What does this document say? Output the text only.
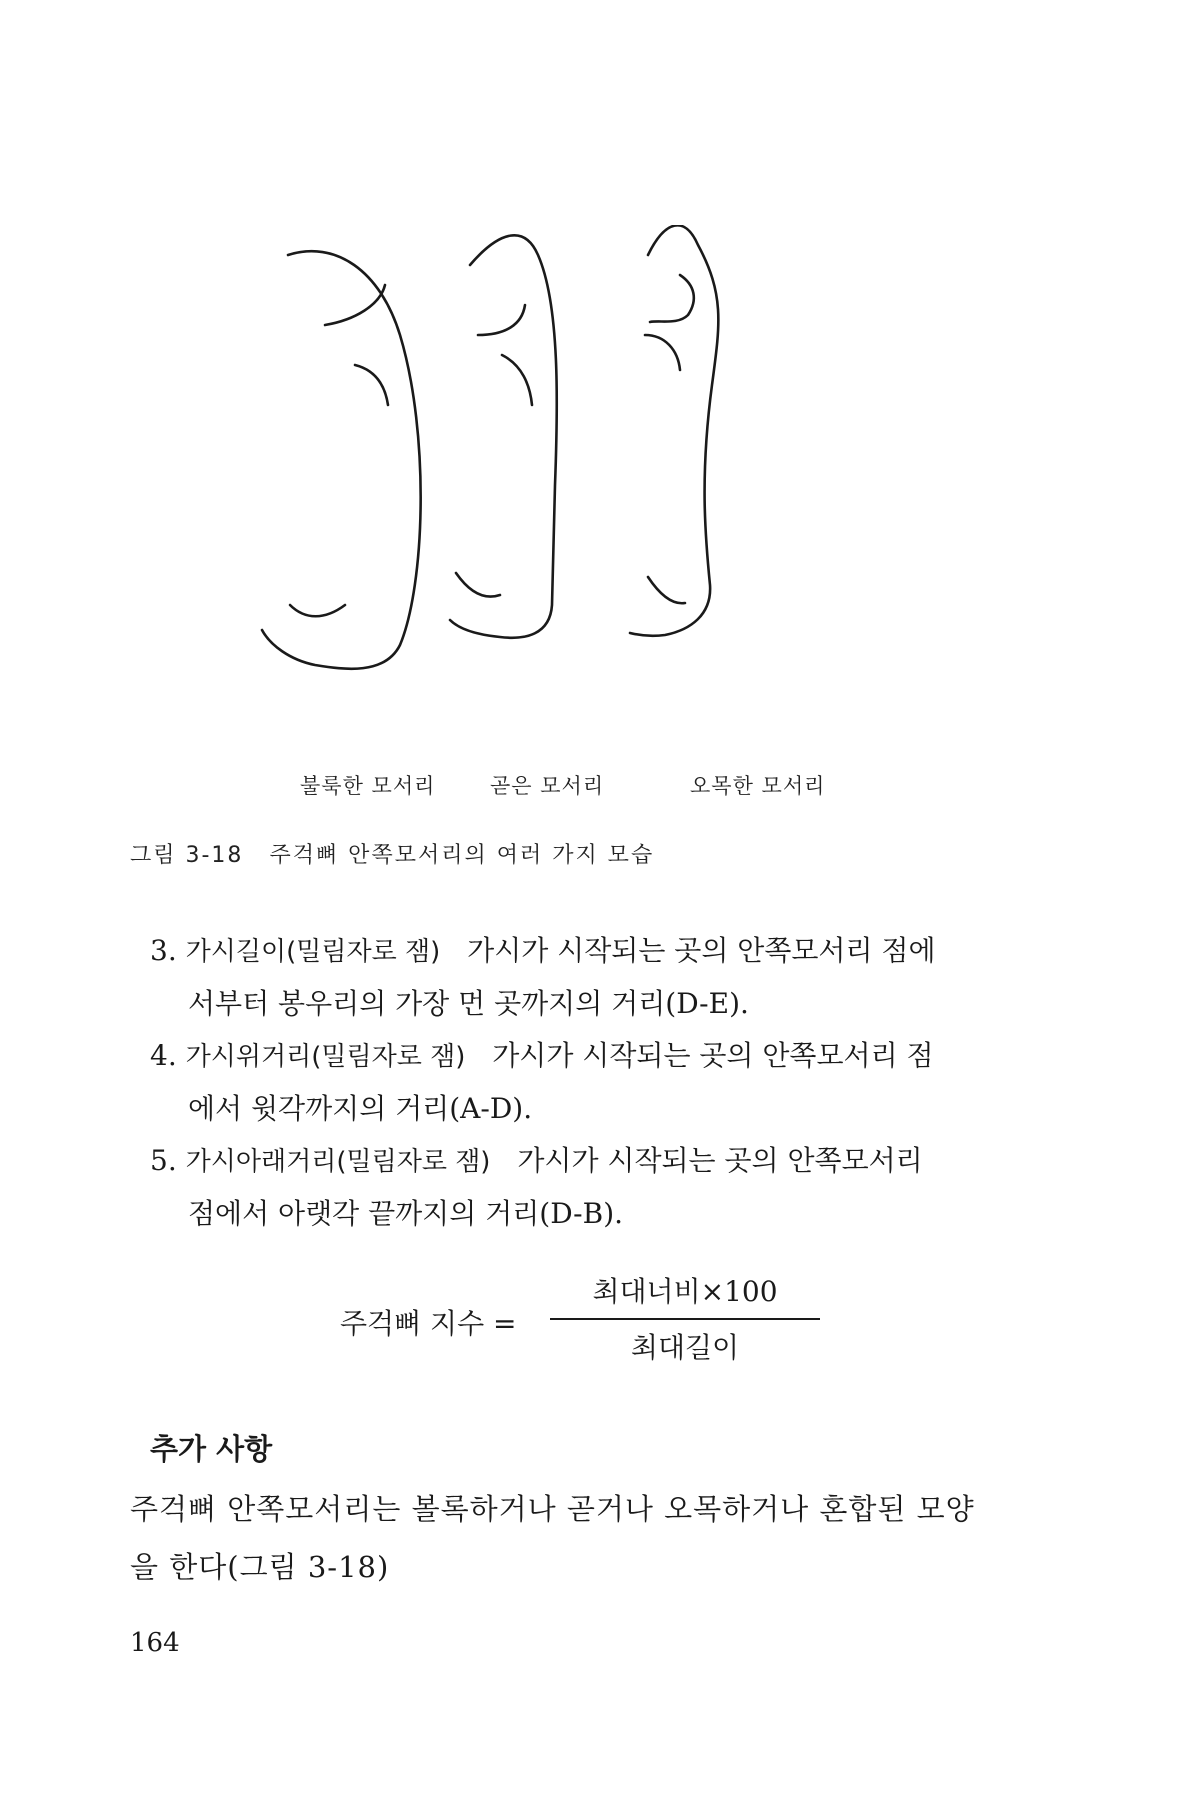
불룩한 모서리	곧은 모서리	오목한 모서리
그림 3-18 주걱뼈 안쪽모서리의 여러 가지 모습
3. 가시길이(밀림자로 잼) 가시가 시작되는 곳의 안쪽모서리 점에
서부터 봉우리의 가장 먼 곳까지의 거리(D-E).
4. 가시위거리(밀림자로 잼) 가시가 시작되는 곳의 안쪽모서리 점
에서 윗각까지의 거리(A-D).
5. 가시아래거리(밀림자로 잼) 가시가 시작되는 곳의 안쪽모서리
점에서 아랫각 끝까지의 거리(D-B).
주걱뼈 지수 =
최대너비×100
최대길이
추가 사항
주걱뼈 안쪽모서리는 볼록하거나 곧거나 오목하거나 혼합된 모양
을 한다(그림 3-18)
164
